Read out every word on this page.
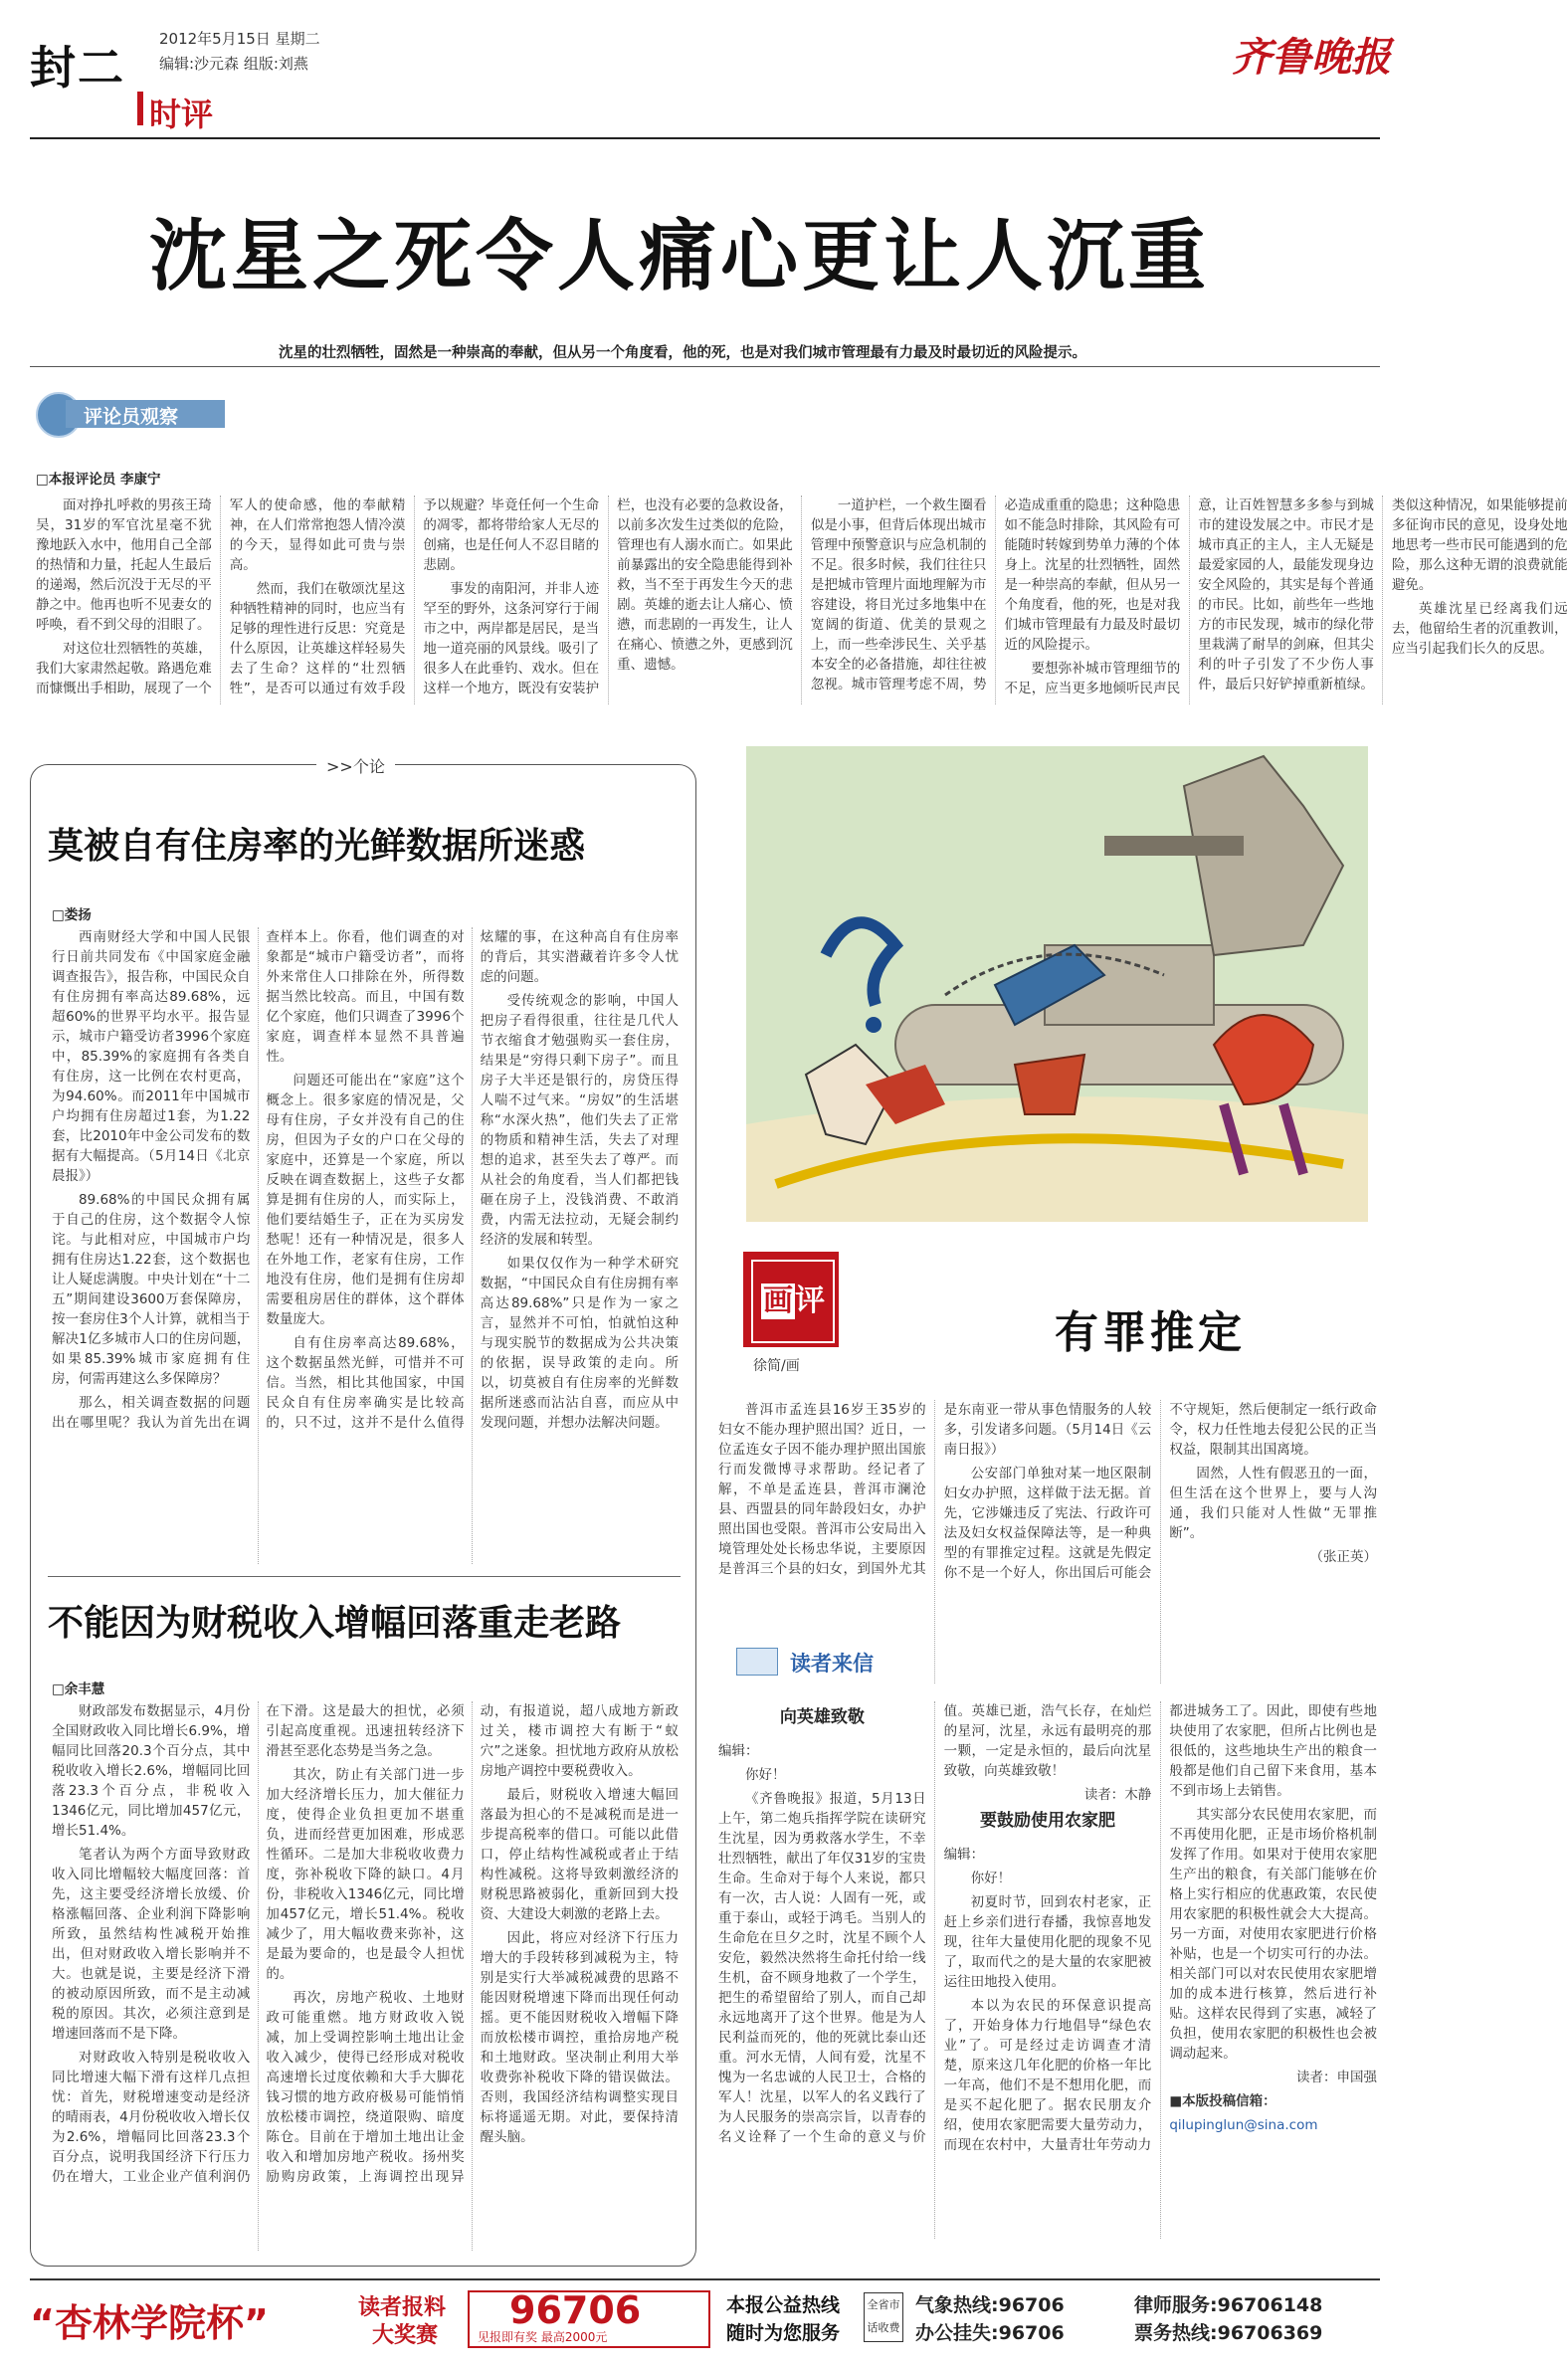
封二
2012年5月15日 星期二
编辑:沙元森 组版:刘燕
时评
齐鲁晚报
沈星之死令人痛心更让人沉重
沈星的壮烈牺牲，固然是一种崇高的奉献，但从另一个角度看，他的死，也是对我们城市管理最有力最及时最切近的风险提示。
评论员观察
□本报评论员 李康宁

面对挣扎呼救的男孩王琦吴，31岁的军官沈星毫不犹豫地跃入水中，他用自己全部的热情和力量，托起人生最后的递竭，然后沉没于无尽的平静之中。他再也听不见妻女的呼唤，看不到父母的泪眼了。

对这位壮烈牺牲的英雄，我们大家肃然起敬。路遇危难而慷慨出手相助，展现了一个军人的使命感，他的奉献精神，在人们常常抱怨人情冷漠的今天，显得如此可贵与崇高。

然而，我们在敬颂沈星这种牺牲精神的同时，也应当有足够的理性进行反思：究竟是什么原因，让英雄这样轻易失去了生命？这样的“壮烈牺牲”，是否可以通过有效手段予以规避？毕竟任何一个生命的凋零，都将带给家人无尽的创痛，也是任何人不忍目睹的悲剧。

事发的南阳河，并非人迹罕至的野外，这条河穿行于闹市之中，两岸都是居民，是当地一道亮丽的风景线。吸引了很多人在此垂钓、戏水。但在这样一个地方，既没有安装护栏，也没有必要的急救设备，以前多次发生过类似的危险，管理也有人溺水而亡。如果此前暴露出的安全隐患能得到补救，当不至于再发生今天的悲剧。英雄的逝去让人痛心、愤懑，而悲剧的一再发生，让人在痛心、愤懑之外，更感到沉重、遗憾。

一道护栏，一个救生圈看似是小事，但背后体现出城市管理中预警意识与应急机制的不足。很多时候，我们往往只是把城市管理片面地理解为市容建设，将目光过多地集中在宽阔的街道、优美的景观之上，而一些牵涉民生、关乎基本安全的必备措施，却往往被忽视。城市管理考虑不周，势必造成重重的隐患；这种隐患如不能急时排除，其风险有可能随时转嫁到势单力薄的个体身上。沈星的壮烈牺牲，固然是一种崇高的奉献，但从另一个角度看，他的死，也是对我们城市管理最有力最及时最切近的风险提示。

要想弥补城市管理细节的不足，应当更多地倾听民声民意，让百姓智慧多多参与到城市的建设发展之中。市民才是城市真正的主人，主人无疑是最爱家园的人，最能发现身边安全风险的，其实是每个普通的市民。比如，前些年一些地方的市民发现，城市的绿化带里栽满了耐旱的剑麻，但其尖利的叶子引发了不少伤人事件，最后只好铲掉重新植绿。类似这种情况，如果能够提前多征询市民的意见，设身处地地思考一些市民可能遇到的危险，那么这种无谓的浪费就能避免。

英雄沈星已经离我们远去，他留给生者的沉重教训，应当引起我们长久的反思。

>>个论
莫被自有住房率的光鲜数据所迷惑
□娄扬

西南财经大学和中国人民银行日前共同发布《中国家庭金融调查报告》，报告称，中国民众自有住房拥有率高达89.68%，远超60%的世界平均水平。报告显示，城市户籍受访者3996个家庭中，85.39%的家庭拥有各类自有住房，这一比例在农村更高，为94.60%。而2011年中国城市户均拥有住房超过1套，为1.22套，比2010年中金公司发布的数据有大幅提高。（5月14日《北京晨报》）

89.68%的中国民众拥有属于自己的住房，这个数据令人惊诧。与此相对应，中国城市户均拥有住房达1.22套，这个数据也让人疑虑满腹。中央计划在“十二五”期间建设3600万套保障房，按一套房住3个人计算，就相当于解决1亿多城市人口的住房问题，如果85.39%城市家庭拥有住房，何需再建这么多保障房？

那么，相关调查数据的问题出在哪里呢？我认为首先出在调查样本上。你看，他们调查的对象都是“城市户籍受访者”，而将外来常住人口排除在外，所得数据当然比较高。而且，中国有数亿个家庭，他们只调查了3996个家庭，调查样本显然不具普遍性。

问题还可能出在“家庭”这个概念上。很多家庭的情况是，父母有住房，子女并没有自己的住房，但因为子女的户口在父母的家庭中，还算是一个家庭，所以反映在调查数据上，这些子女都算是拥有住房的人，而实际上，他们要结婚生子，正在为买房发愁呢！还有一种情况是，很多人在外地工作，老家有住房，工作地没有住房，他们是拥有住房却需要租房居住的群体，这个群体数量庞大。

自有住房率高达89.68%，这个数据虽然光鲜，可惜并不可信。当然，相比其他国家，中国民众自有住房率确实是比较高的，只不过，这并不是什么值得炫耀的事，在这种高自有住房率的背后，其实潜藏着许多令人忧虑的问题。

受传统观念的影响，中国人把房子看得很重，往往是几代人节衣缩食才勉强购买一套住房，结果是“穷得只剩下房子”。而且房子大半还是银行的，房贷压得人喘不过气来。“房奴”的生活堪称“水深火热”，他们失去了正常的物质和精神生活，失去了对理想的追求，甚至失去了尊严。而从社会的角度看，当人们都把钱砸在房子上，没钱消费、不敢消费，内需无法拉动，无疑会制约经济的发展和转型。

如果仅仅作为一种学术研究数据，“中国民众自有住房拥有率高达89.68%”只是作为一家之言，显然并不可怕，怕就怕这种与现实脱节的数据成为公共决策的依据，误导政策的走向。所以，切莫被自有住房率的光鲜数据所迷惑而沾沾自喜，而应从中发现问题，并想办法解决问题。

不能因为财税收入增幅回落重走老路
□余丰慧

财政部发布数据显示，4月份全国财政收入同比增长6.9%，增幅同比回落20.3个百分点，其中税收收入增长2.6%，增幅同比回落23.3个百分点，非税收入1346亿元，同比增加457亿元，增长51.4%。

笔者认为两个方面导致财政收入同比增幅较大幅度回落：首先，这主要受经济增长放缓、价格涨幅回落、企业利润下降影响所致，虽然结构性减税开始推出，但对财政收入增长影响并不大。也就是说，主要是经济下滑的被动原因所致，而不是主动减税的原因。其次，必须注意到是增速回落而不是下降。

对财政收入特别是税收收入同比增速大幅下滑有这样几点担忧：首先，财税增速变动是经济的晴雨表，4月份税收收入增长仅为2.6%，增幅同比回落23.3个百分点，说明我国经济下行压力仍在增大，工业企业产值利润仍在下滑。这是最大的担忧，必须引起高度重视。迅速扭转经济下滑甚至恶化态势是当务之急。

其次，防止有关部门进一步加大经济增长压力，加大催征力度，使得企业负担更加不堪重负，进而经营更加困难，形成恶性循环。二是加大非税收收费力度，弥补税收下降的缺口。4月份，非税收入1346亿元，同比增加457亿元，增长51.4%。税收减少了，用大幅收费来弥补，这是最为要命的，也是最令人担忧的。

再次，房地产税收、土地财政可能重燃。地方财政收入锐减，加上受调控影响土地出让金收入减少，使得已经形成对税收高速增长过度依赖和大手大脚花钱习惯的地方政府极易可能悄悄放松楼市调控，绕道限购、暗度陈仓。目前在于增加土地出让金收入和增加房地产税收。扬州奖励购房政策，上海调控出现异动，有报道说，超八成地方新政过关，楼市调控大有断于“蚁穴”之迷象。担忧地方政府从放松房地产调控中要税费收入。

最后，财税收入增速大幅回落最为担心的不是减税而是进一步提高税率的借口。可能以此借口，停止结构性减税或者止于结构性减税。这将导致刺激经济的财税思路被弱化，重新回到大投资、大建设大刺激的老路上去。

因此，将应对经济下行压力增大的手段转移到减税为主，特别是实行大举减税减费的思路不能因财税增速下降而出现任何动摇。更不能因财税收入增幅下降而放松楼市调控，重拾房地产税和土地财政。坚决制止利用大举收费弥补税收下降的错误做法。否则，我国经济结构调整实现目标将遥遥无期。对此，要保持清醒头脑。

画评
徐简/画
有罪推定

普洱市孟连县16岁王35岁的妇女不能办理护照出国？近日，一位孟连女子因不能办理护照出国旅行而发微博寻求帮助。经记者了解，不单是孟连县，普洱市澜沧县、西盟县的同年龄段妇女，办护照出国也受限。普洱市公安局出入境管理处处长杨忠华说，主要原因是普洱三个县的妇女，到国外尤其是东南亚一带从事色情服务的人较多，引发诸多问题。（5月14日《云南日报》）

公安部门单独对某一地区限制妇女办护照，这样做于法无据。首先，它涉嫌违反了宪法、行政许可法及妇女权益保障法等，是一种典型的有罪推定过程。这就是先假定你不是一个好人，你出国后可能会不守规矩，然后便制定一纸行政命令，权力任性地去侵犯公民的正当权益，限制其出国离境。

固然，人性有假恶丑的一面，但生活在这个世界上，要与人沟通，我们只能对人性做“无罪推断”。

（张正英）

读者来信
向英雄致敬

编辑：

你好！

《齐鲁晚报》报道，5月13日上午，第二炮兵指挥学院在读研究生沈星，因为勇救落水学生，不幸壮烈牺牲，献出了年仅31岁的宝贵生命。生命对于每个人来说，都只有一次，古人说：人固有一死，或重于泰山，或轻于鸿毛。当别人的生命危在旦夕之时，沈星不顾个人安危，毅然决然将生命托付给一线生机，奋不顾身地救了一个学生，把生的希望留给了别人，而自己却永远地离开了这个世界。他是为人民利益而死的，他的死就比泰山还重。河水无情，人间有爱，沈星不愧为一名忠诚的人民卫士，合格的军人！沈星，以军人的名义践行了为人民服务的崇高宗旨，以青春的名义诠释了一个生命的意义与价值。英雄已逝，浩气长存，在灿烂的星河，沈星，永远有最明亮的那一颗，一定是永恒的，最后向沈星致敬，向英雄致敬！

读者：木静

要鼓励使用农家肥

编辑：

你好！

初夏时节，回到农村老家，正赶上乡亲们进行春播，我惊喜地发现，往年大量使用化肥的现象不见了，取而代之的是大量的农家肥被运往田地投入使用。

本以为农民的环保意识提高了，开始身体力行地倡导“绿色农业”了。可是经过走访调查才清楚，原来这几年化肥的价格一年比一年高，他们不是不想用化肥，而是买不起化肥了。据农民朋友介绍，使用农家肥需要大量劳动力，而现在农村中，大量青壮年劳动力都进城务工了。因此，即使有些地块使用了农家肥，但所占比例也是很低的，这些地块生产出的粮食一般都是他们自己留下来食用，基本不到市场上去销售。

其实部分农民使用农家肥，而不再使用化肥，正是市场价格机制发挥了作用。如果对于使用农家肥生产出的粮食，有关部门能够在价格上实行相应的优惠政策，农民使用农家肥的积极性就会大大提高。另一方面，对使用农家肥进行价格补贴，也是一个切实可行的办法。相关部门可以对农民使用农家肥增加的成本进行核算，然后进行补贴。这样农民得到了实惠，减轻了负担，使用农家肥的积极性也会被调动起来。

读者：申国强

■本版投稿信箱：

qilupinglun@sina.com

“杏林学院杯”	读者报料
大奖赛
96706
见报即有奖 最高2000元
本报公益热线
随时为您服务
全省市
话收费
气象热线:96706	律师服务:96706148
办公挂失:96706	票务热线:96706369
